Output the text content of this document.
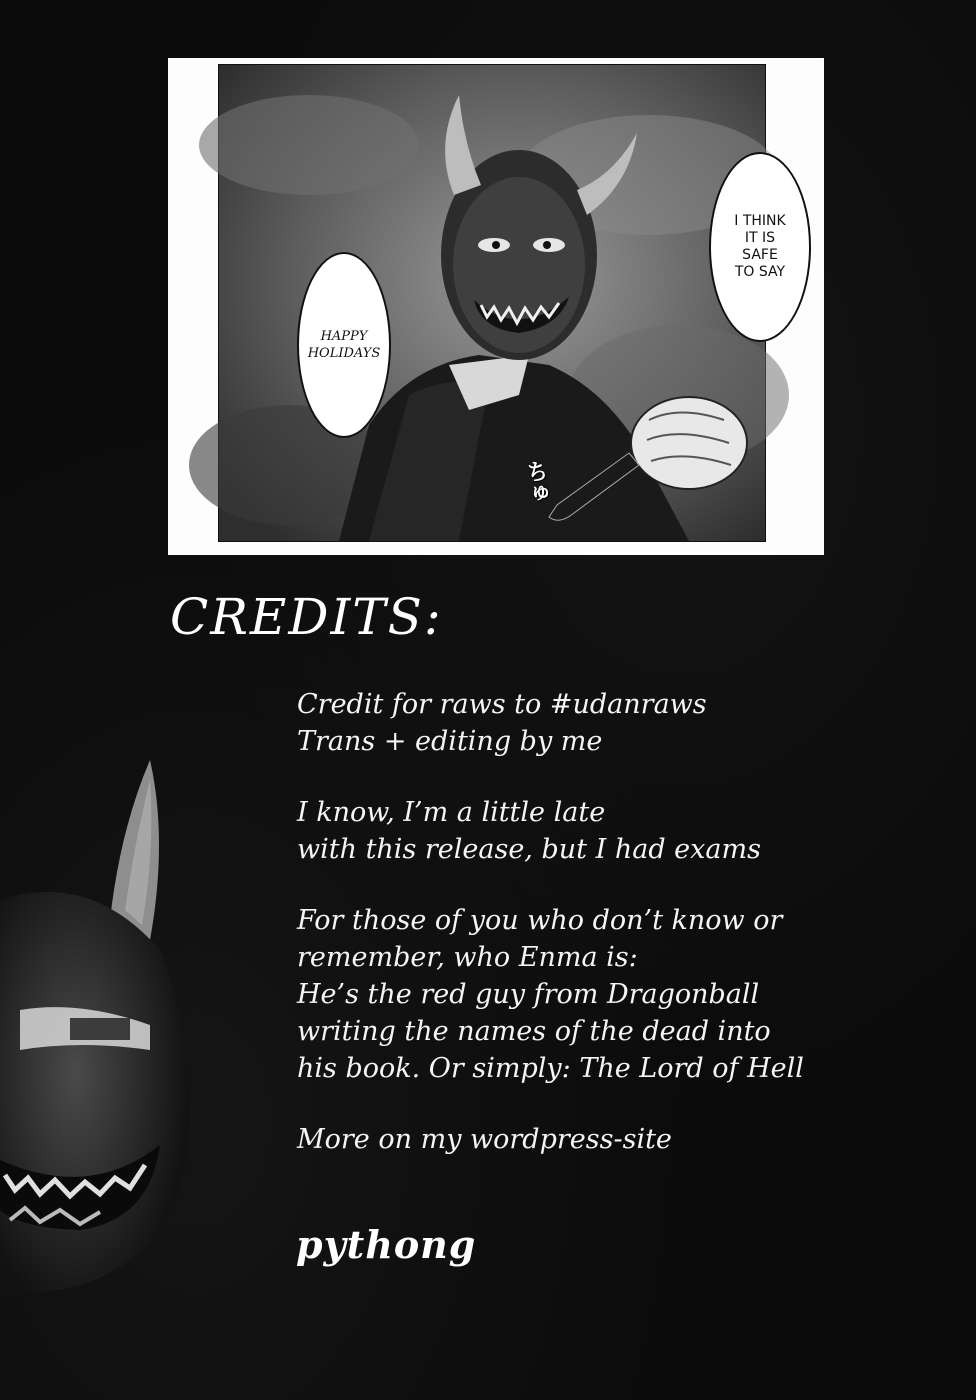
HAPPY
HOLIDAYS
I THINK
IT IS
SAFE
TO SAY
ちゅ
CREDITS:

Credit for raws to #udanraws
Trans + editing by me

I know, I’m a little late
with this release, but I had exams

For those of you who don’t know or
remember, who Enma is:
He’s the red guy from Dragonball
writing the names of the dead into
his book. Or simply: The Lord of Hell

More on my wordpress-site

pythong
